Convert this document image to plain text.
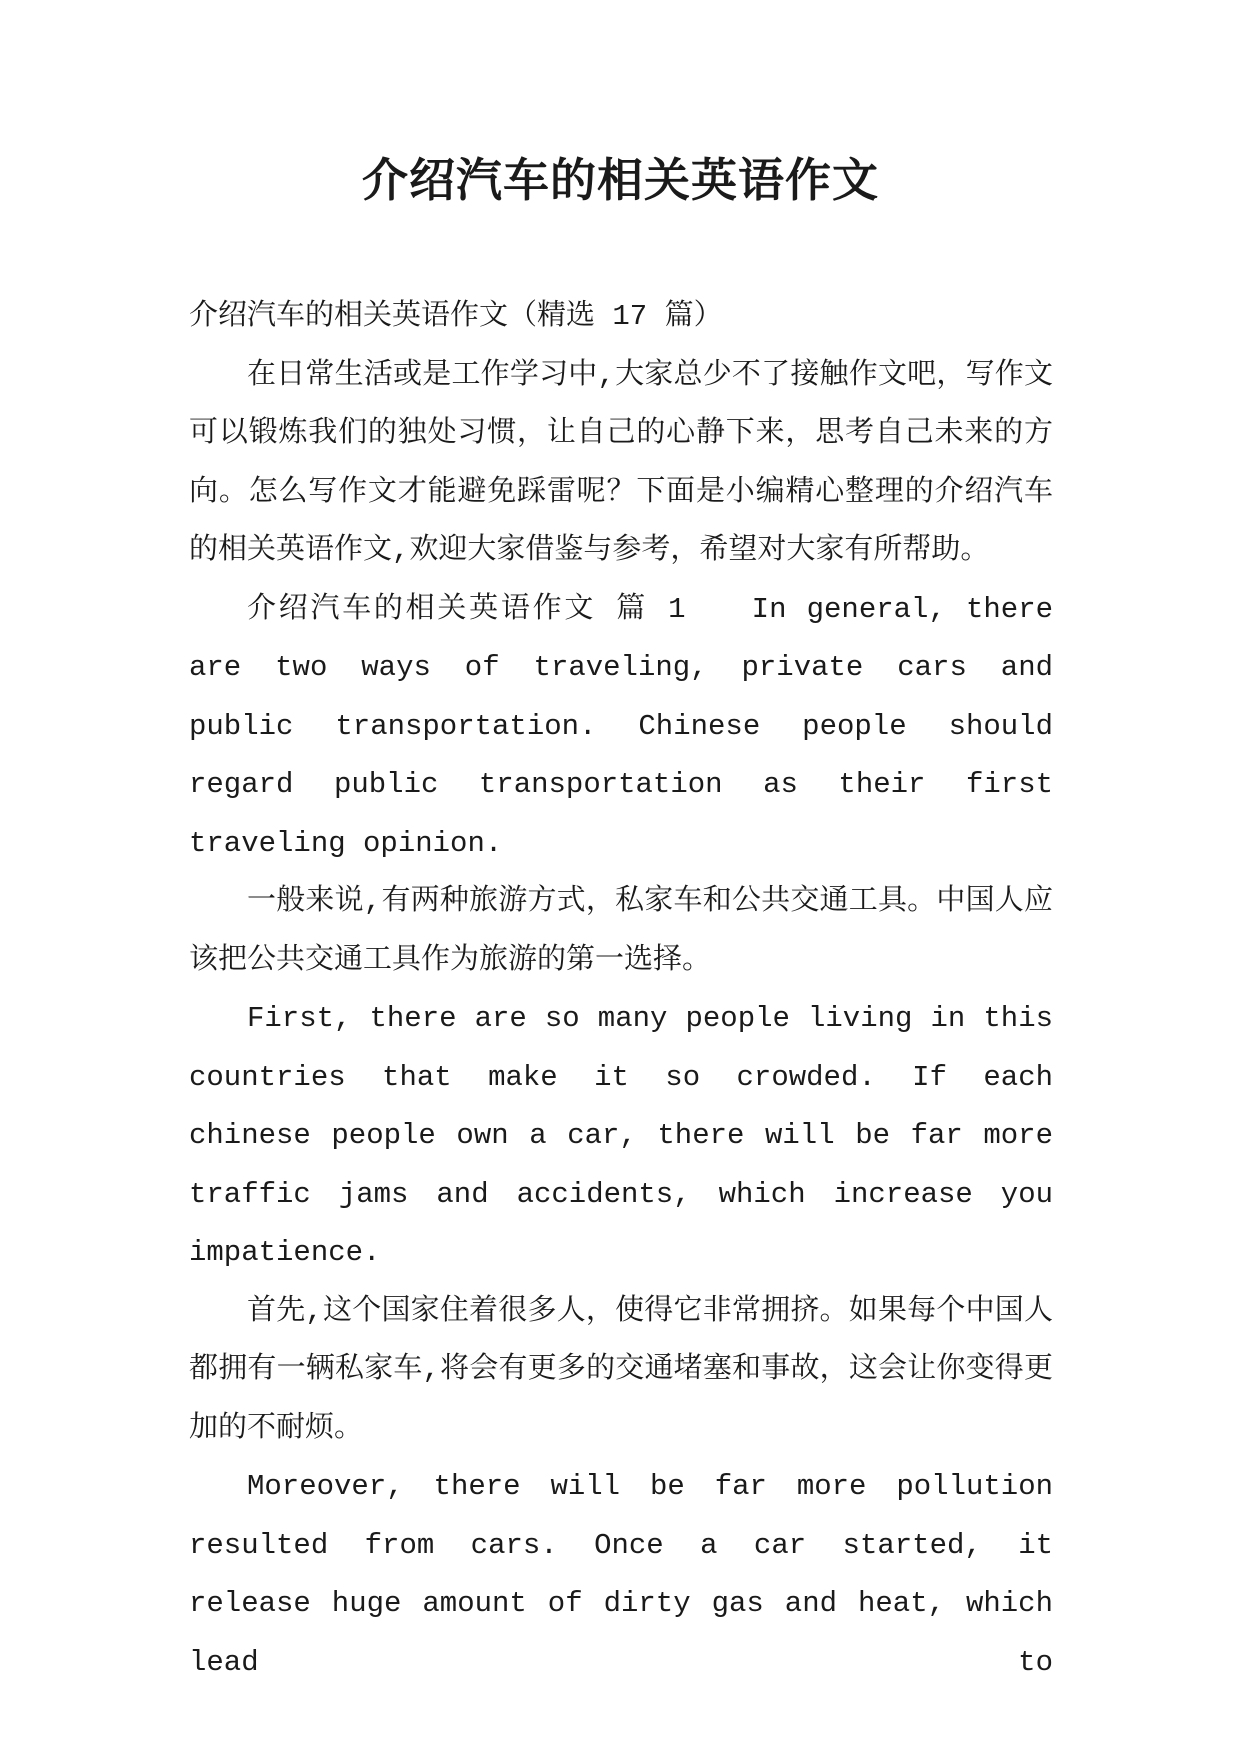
介绍汽车的相关英语作文

介绍汽车的相关英语作文（精选 17 篇）

在日常生活或是工作学习中,大家总少不了接触作文吧，写作文可以锻炼我们的独处习惯，让自己的心静下来，思考自己未来的方向。怎么写作文才能避免踩雷呢？下面是小编精心整理的介绍汽车的相关英语作文,欢迎大家借鉴与参考，希望对大家有所帮助。

介绍汽车的相关英语作文 篇 1　　In general, there are two ways of traveling, private cars and public transportation. Chinese people should regard public transportation as their first traveling opinion.

一般来说,有两种旅游方式，私家车和公共交通工具。中国人应该把公共交通工具作为旅游的第一选择。

First, there are so many people living in this countries that make it so crowded. If each chinese people own a car, there will be far more traffic jams and accidents, which increase you impatience.

首先,这个国家住着很多人，使得它非常拥挤。如果每个中国人都拥有一辆私家车,将会有更多的交通堵塞和事故，这会让你变得更加的不耐烦。

Moreover, there will be far more pollution resulted from cars. Once a car started, it release huge amount of dirty gas and heat, which lead to
